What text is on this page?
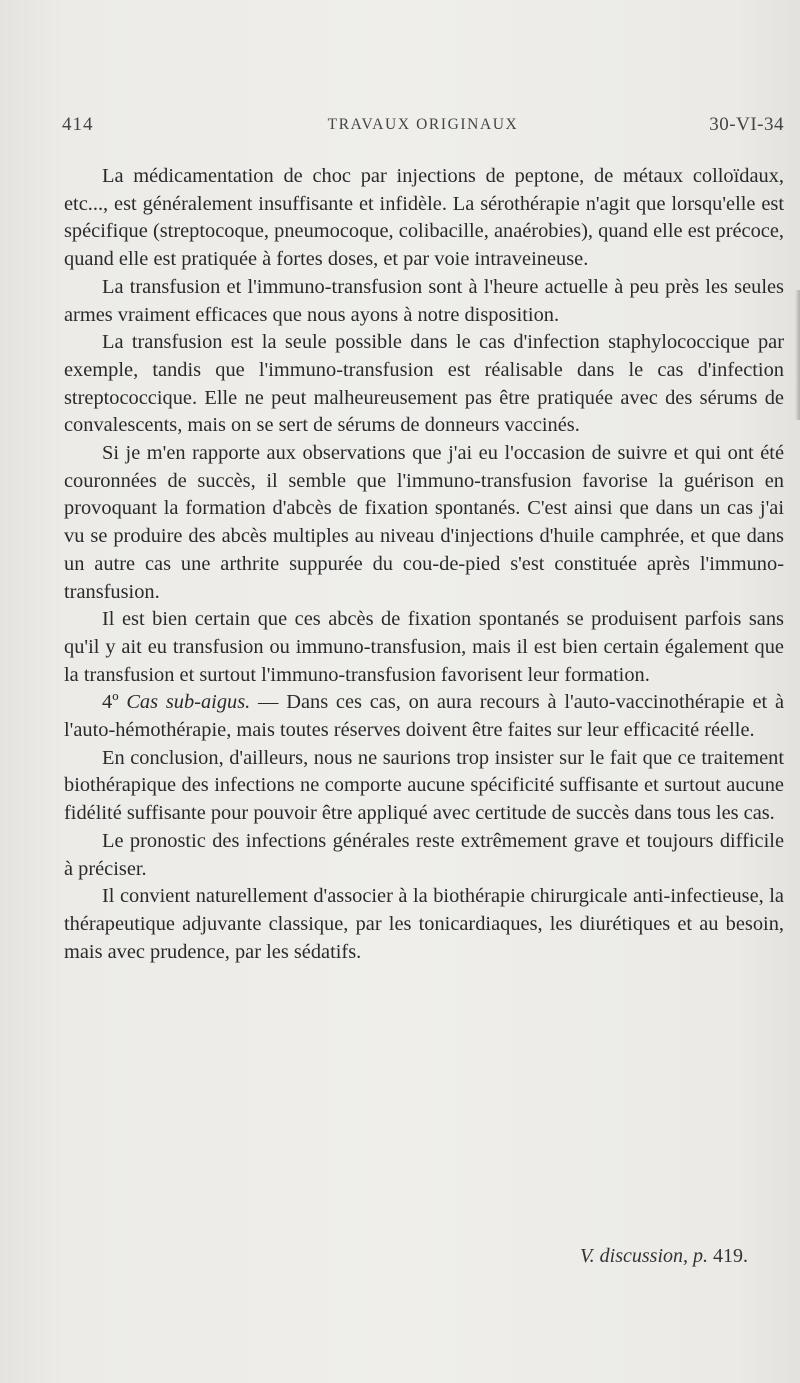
414	TRAVAUX ORIGINAUX	30-VI-34

La médicamentation de choc par injections de peptone, de métaux colloïdaux, etc..., est généralement insuffisante et infidèle. La sérothérapie n'agit que lorsqu'elle est spécifique (streptocoque, pneumocoque, colibacille, anaérobies), quand elle est précoce, quand elle est pratiquée à fortes doses, et par voie intraveineuse.

La transfusion et l'immuno-transfusion sont à l'heure actuelle à peu près les seules armes vraiment efficaces que nous ayons à notre disposition.

La transfusion est la seule possible dans le cas d'infection staphylococcique par exemple, tandis que l'immuno-transfusion est réalisable dans le cas d'infection streptococcique. Elle ne peut malheureusement pas être pratiquée avec des sérums de convalescents, mais on se sert de sérums de donneurs vaccinés.

Si je m'en rapporte aux observations que j'ai eu l'occasion de suivre et qui ont été couronnées de succès, il semble que l'immuno-transfusion favorise la guérison en provoquant la formation d'abcès de fixation spontanés. C'est ainsi que dans un cas j'ai vu se produire des abcès multiples au niveau d'injections d'huile camphrée, et que dans un autre cas une arthrite suppurée du cou-de-pied s'est constituée après l'immuno-transfusion.

Il est bien certain que ces abcès de fixation spontanés se produisent parfois sans qu'il y ait eu transfusion ou immuno-transfusion, mais il est bien certain également que la transfusion et surtout l'immuno-transfusion favorisent leur formation.

4º Cas sub-aigus. — Dans ces cas, on aura recours à l'auto-vaccinothérapie et à l'auto-hémothérapie, mais toutes réserves doivent être faites sur leur efficacité réelle.

En conclusion, d'ailleurs, nous ne saurions trop insister sur le fait que ce traitement biothérapique des infections ne comporte aucune spécificité suffisante et surtout aucune fidélité suffisante pour pouvoir être appliqué avec certitude de succès dans tous les cas.

Le pronostic des infections générales reste extrêmement grave et toujours difficile à préciser.

Il convient naturellement d'associer à la biothérapie chirurgicale anti-infectieuse, la thérapeutique adjuvante classique, par les tonicardiaques, les diurétiques et au besoin, mais avec prudence, par les sédatifs.

V. discussion, p. 419.
